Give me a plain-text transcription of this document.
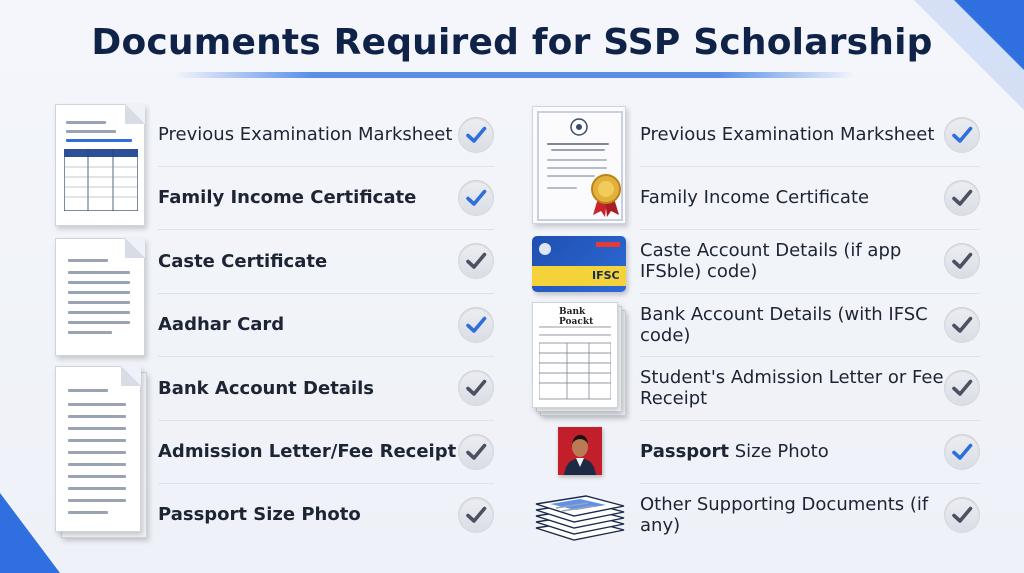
Documents Required for SSP Scholarship
IFSC
Bank Poackt
Previous Examination Marksheet
Family Income Certificate
Caste Certificate
Aadhar Card
Bank Account Details
Admission Letter/Fee Receipt
Passport Size Photo
Previous Examination Marksheet
Family Income Certificate
Caste Account Details (if app IFSble) code)
Bank Account Details (with IFSC code)
Student's Admission Letter or Fee Receipt
Passport Size Photo
Other Supporting Documents (if any)
